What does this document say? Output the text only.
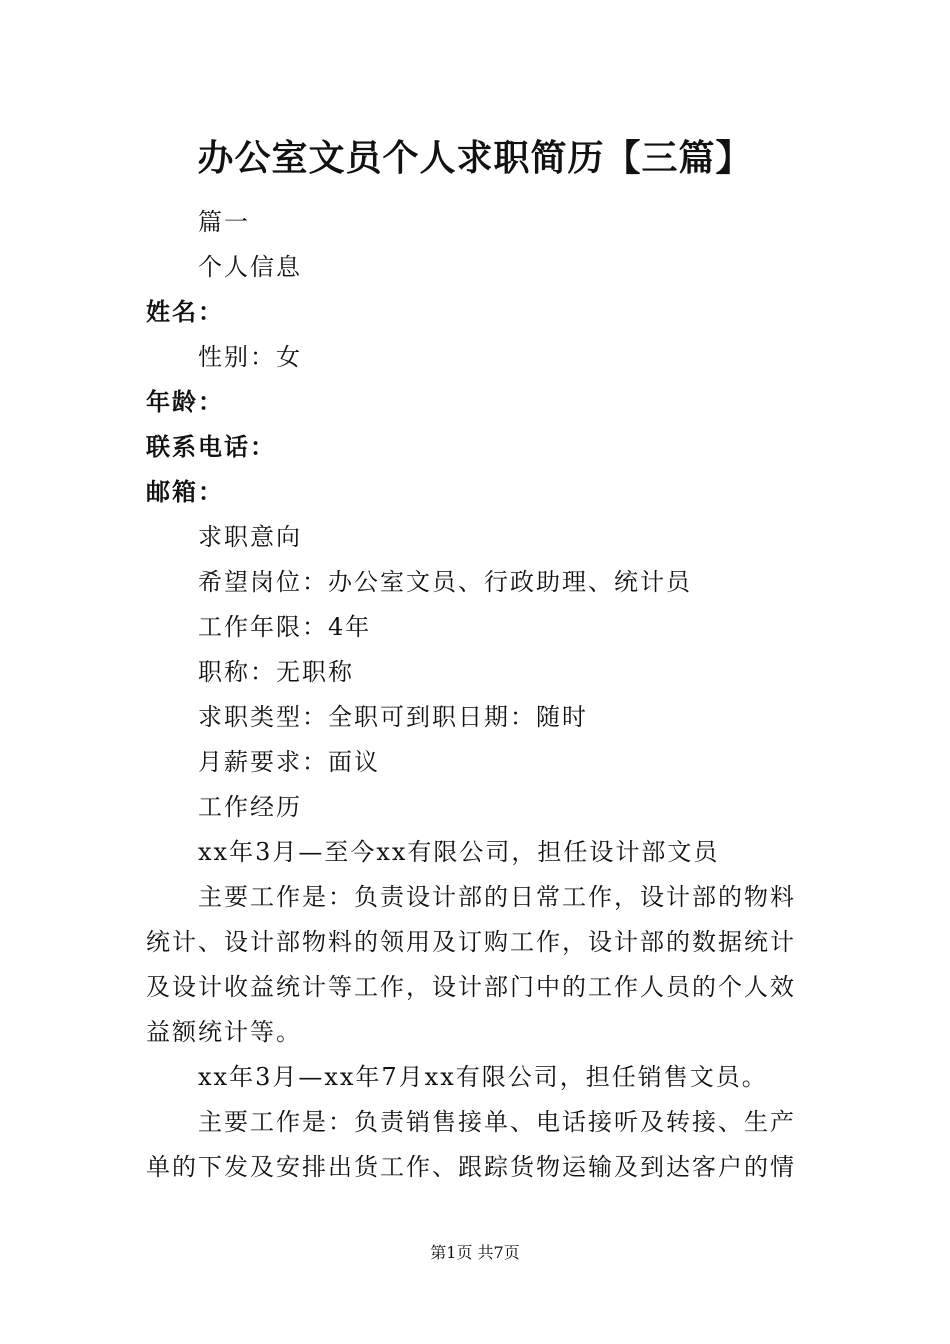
办公室文员个人求职简历【三篇】

篇一

个人信息

姓名：

性别：女

年龄：

联系电话：

邮箱：

求职意向

希望岗位：办公室文员、行政助理、统计员

工作年限：4年

职称：无职称

求职类型：全职可到职日期：随时

月薪要求：面议

工作经历

xx年3月—至今xx有限公司，担任设计部文员

主要工作是：负责设计部的日常工作，设计部的物料统计、设计部物料的领用及订购工作，设计部的数据统计及设计收益统计等工作，设计部门中的工作人员的个人效益额统计等。

xx年3月—xx年7月xx有限公司，担任销售文员。

主要工作是：负责销售接单、电话接听及转接、生产单的下发及安排出货工作、跟踪货物运输及到达客户的情

第1页 共7页
